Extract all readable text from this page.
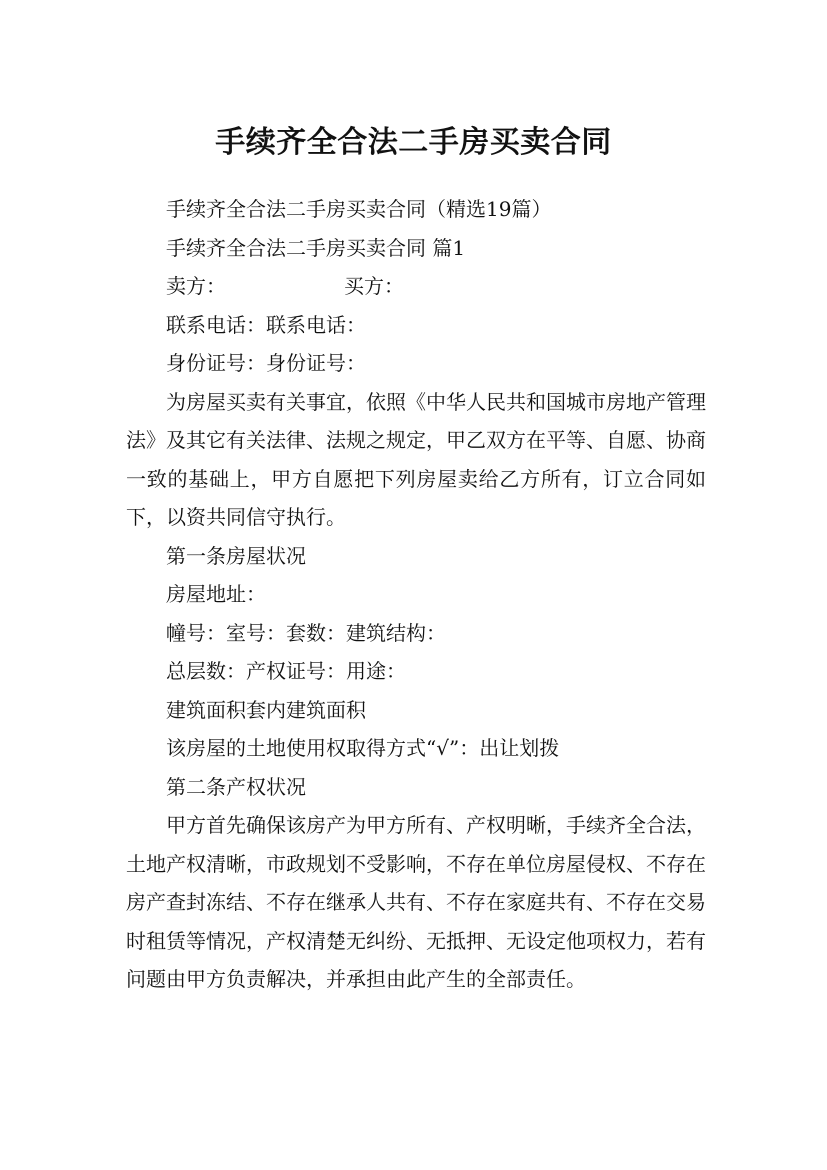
手续齐全合法二手房买卖合同

手续齐全合法二手房买卖合同（精选19篇）

手续齐全合法二手房买卖合同 篇1

卖方：	买方：

联系电话：联系电话：

身份证号：身份证号：

为房屋买卖有关事宜，依照《中华人民共和国城市房地产管理法》及其它有关法律、法规之规定，甲乙双方在平等、自愿、协商一致的基础上，甲方自愿把下列房屋卖给乙方所有，订立合同如下，以资共同信守执行。

第一条房屋状况

房屋地址：

幢号：室号：套数：建筑结构：

总层数：产权证号：用途：

建筑面积套内建筑面积

该房屋的土地使用权取得方式“√”：出让划拨

第二条产权状况

甲方首先确保该房产为甲方所有、产权明晰，手续齐全合法，土地产权清晰，市政规划不受影响，不存在单位房屋侵权、不存在房产查封冻结、不存在继承人共有、不存在家庭共有、不存在交易时租赁等情况，产权清楚无纠纷、无抵押、无设定他项权力，若有问题由甲方负责解决，并承担由此产生的全部责任。
